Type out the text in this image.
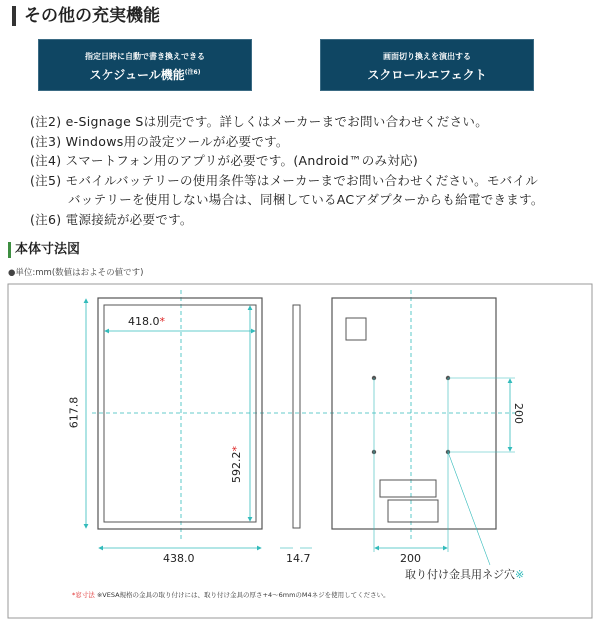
その他の充実機能
指定日時に自動で書き換えできる
スケジュール機能$^{(注6)}$
画面切り換えを演出する
スクロールエフェクト
(注2) e-Signage Sは別売です。詳しくはメーカーまでお問い合わせください。
(注3) Windows用の設定ツールが必要です。
(注4) スマートフォン用のアプリが必要です。(Android™のみ対応)
(注5) モバイルバッテリーの使用条件等はメーカーまでお問い合わせください。モバイル
バッテリーを使用しない場合は、同梱しているACアダプターからも給電できます。
(注6) 電源接続が必要です。
本体寸法図
●単位:mm(数値はおよその値です)
418.0*
592.2*
617.8
438.0	14.7	200
200
取り付け金具用ネジ穴※
*窓寸法 ※VESA規格の金具の取り付けには、取り付け金具の厚さ+4～6mmのM4ネジを使用してください。
